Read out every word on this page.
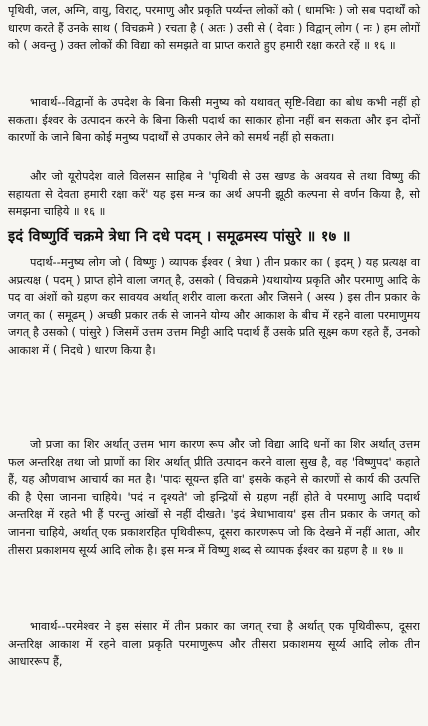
पृथिवी, जल, अग्नि, वायु, विराट्, परमाणु और प्रकृति पर्य्यन्त लोकों को ( धामभिः ) जो सब पदार्थों को धारण करते हैं उनके साथ ( विचक्रमे ) रचता है ( अतः ) उसी से ( देवाः ) विद्वान् लोग ( नः ) हम लोगों को ( अवन्तु ) उक्त लोकों की विद्या को समझते वा प्राप्त कराते हुए हमारी रक्षा करते रहें ॥ १६ ॥

भावार्थ--विद्वानों के उपदेश के बिना किसी मनुष्य को यथावत् सृष्टि-विद्या का बोध कभी नहीं हो सकता। ईश्वर के उत्पादन करने के बिना किसी पदार्थ का साकार होना नहीं बन सकता और इन दोनों कारणों के जाने बिना कोई मनुष्य पदार्थों से उपकार लेने को समर्थ नहीं हो सकता।

और जो यूरोपदेश वाले विलसन साहिब ने 'पृथिवी से उस खण्ड के अवयव से तथा विष्णु की सहायता से देवता हमारी रक्षा करें' यह इस मन्त्र का अर्थ अपनी झूठी कल्पना से वर्णन किया है, सो समझना चाहिये ॥ १६ ॥

इदं विष्णुर्वि चक्रमे त्रेधा नि दधे पदम् । समूढमस्य पांसुरे ॥ १७ ॥

पदार्थ--मनुष्य लोग जो ( विष्णुः ) व्यापक ईश्वर ( त्रेधा ) तीन प्रकार का ( इदम् ) यह प्रत्यक्ष वा अप्रत्यक्ष ( पदम् ) प्राप्त होने वाला जगत् है, उसको ( विचक्रमे )यथायोग्य प्रकृति और परमाणु आदि के पद वा अंशों को ग्रहण कर सावयव अर्थात् शरीर वाला करता और जिसने ( अस्य ) इस तीन प्रकार के जगत् का ( समूढम् ) अच्छी प्रकार तर्क से जानने योग्य और आकाश के बीच में रहने वाला परमाणुमय जगत् है उसको ( पांसुरे ) जिसमें उत्तम उत्तम मिट्टी आदि पदार्थ हैं उसके प्रति सूक्ष्म कण रहते हैं, उनको आकाश में ( निदधे ) धारण किया है।

जो प्रजा का शिर अर्थात् उत्तम भाग कारण रूप और जो विद्या आदि धनों का शिर अर्थात् उत्तम फल अन्तरिक्ष तथा जो प्राणों का शिर अर्थात् प्रीति उत्पादन करने वाला सुख है, वह 'विष्णुपद' कहाते हैं, यह औणवाभ आचार्य का मत है। 'पादः सूयन्त इति वा' इसके कहने से कारणों से कार्य की उत्पत्ति की है ऐसा जानना चाहिये। 'पदं न दृश्यते' जो इन्द्रियों से ग्रहण नहीं होते वे परमाणु आदि पदार्थ अन्तरिक्ष में रहते भी हैं परन्तु आंखों से नहीं दीखते। 'इदं त्रेधाभावाय' इस तीन प्रकार के जगत् को जानना चाहिये, अर्थात् एक प्रकाशरहित पृथिवीरूप, दूसरा कारणरूप जो कि देखने में नहीं आता, और तीसरा प्रकाशमय सूर्य्य आदि लोक है। इस मन्त्र में विष्णु शब्द से व्यापक ईश्वर का ग्रहण है ॥ १७ ॥

भावार्थ--परमेश्वर ने इस संसार में तीन प्रकार का जगत् रचा है अर्थात् एक पृथिवीरूप, दूसरा अन्तरिक्ष आकाश में रहने वाला प्रकृति परमाणुरूप और तीसरा प्रकाशमय सूर्य्य आदि लोक तीन आधाररूप हैं,
